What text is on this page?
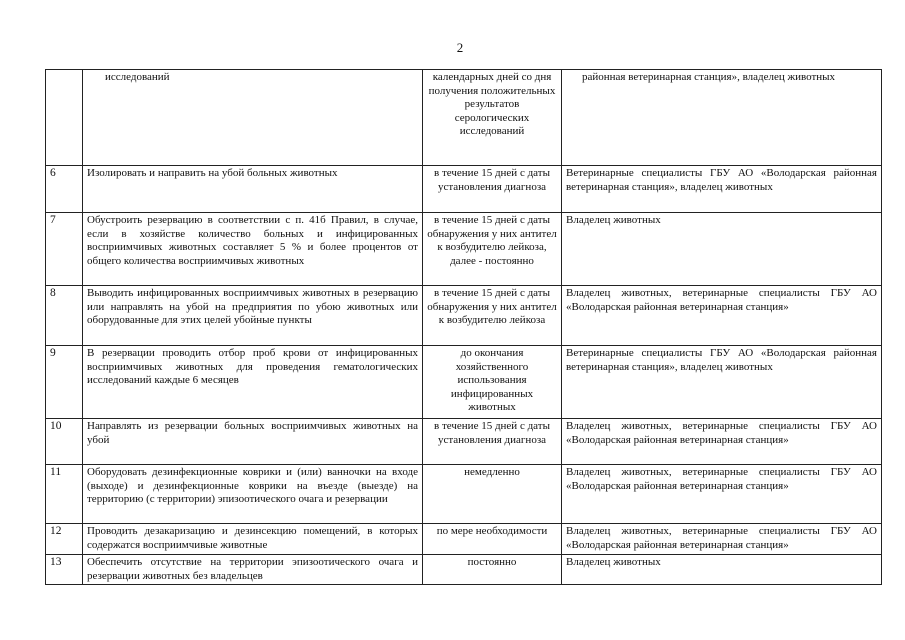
2
	исследований	календарных дней со дня получения положительных результатов серологических исследований	районная ветеринарная станция», владелец животных
6	Изолировать и направить на убой больных животных	в течение 15 дней с даты установления диагноза	Ветеринарные специалисты ГБУ АО «Володарская районная ветеринарная станция», владелец животных
7	Обустроить резервацию в соответствии с п. 41б Правил, в случае, если в хозяйстве количество больных и инфицированных восприимчивых животных составляет 5 % и более процентов от общего количества восприимчивых животных	в течение 15 дней с даты обнаружения у них антител к возбудителю лейкоза, далее - постоянно	Владелец животных
8	Выводить инфицированных восприимчивых животных в резервацию или направлять на убой на предприятия по убою животных или оборудованные для этих целей убойные пункты	в течение 15 дней с даты обнаружения у них антител к возбудителю лейкоза	Владелец животных, ветеринарные специалисты ГБУ АО «Володарская районная ветеринарная станция»
9	В резервации проводить отбор проб крови от инфицированных восприимчивых животных для проведения гематологических исследований каждые 6 месяцев	до окончания хозяйственного использования инфицированных животных	Ветеринарные специалисты ГБУ АО «Володарская районная ветеринарная станция», владелец животных
10	Направлять из резервации больных восприимчивых животных на убой	в течение 15 дней с даты установления диагноза	Владелец животных, ветеринарные специалисты ГБУ АО «Володарская районная ветеринарная станция»
11	Оборудовать дезинфекционные коврики и (или) ванночки на входе (выходе) и дезинфекционные коврики на въезде (выезде) на территорию (с территории) эпизоотического очага и резервации	немедленно	Владелец животных, ветеринарные специалисты ГБУ АО «Володарская районная ветеринарная станция»
12	Проводить дезакаризацию и дезинсекцию помещений, в которых содержатся восприимчивые животные	по мере необходимости	Владелец животных, ветеринарные специалисты ГБУ АО «Володарская районная ветеринарная станция»
13	Обеспечить отсутствие на территории эпизоотического очага и резервации животных без владельцев	постоянно	Владелец животных
